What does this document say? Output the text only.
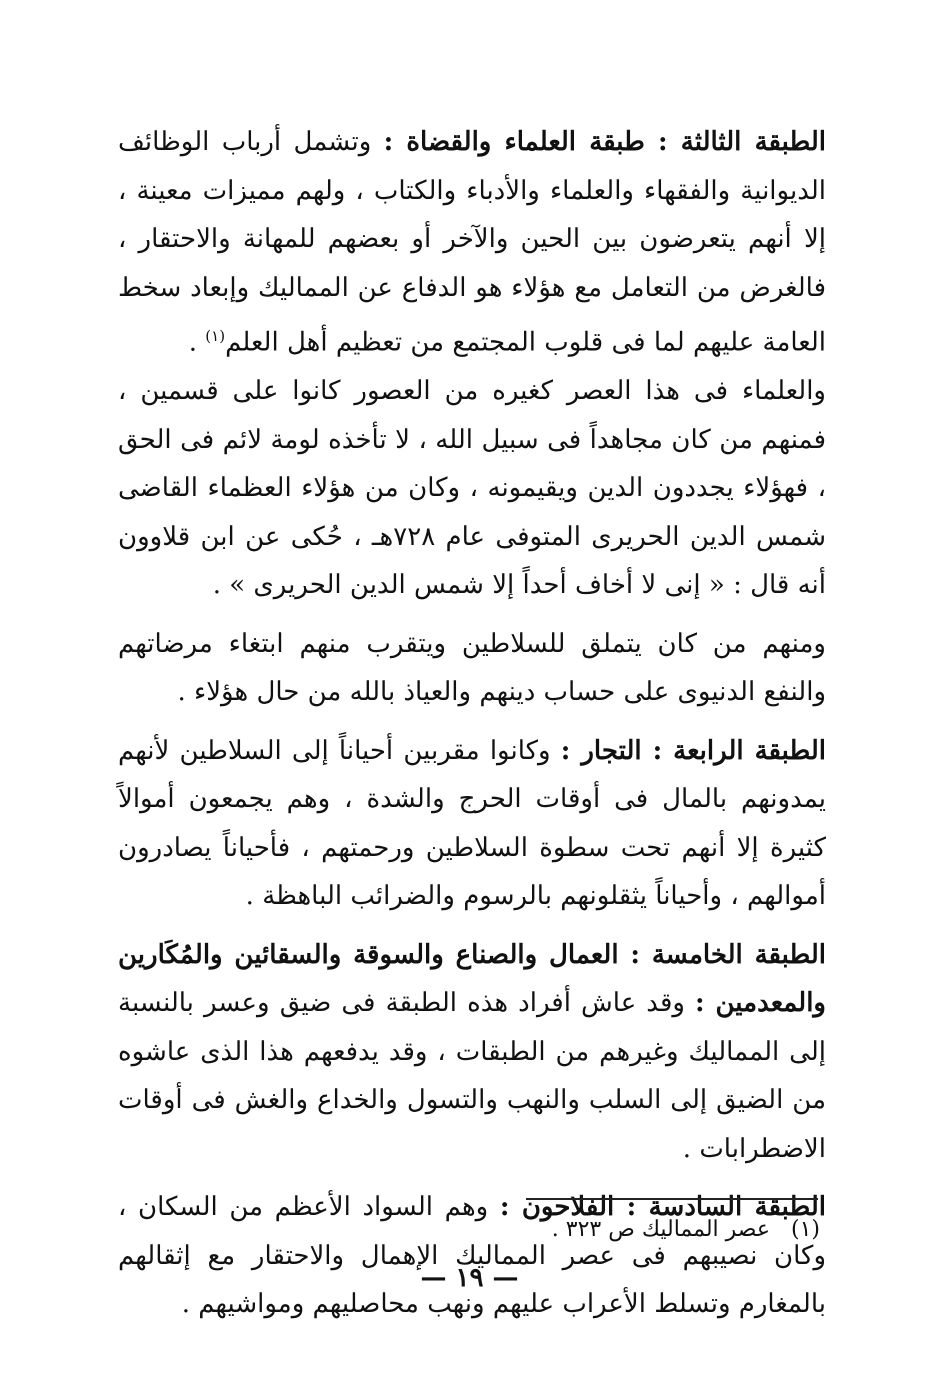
الطبقة الثالثة : طبقة العلماء والقضاة : وتشمل أرباب الوظائف الديوانية والفقهاء والعلماء والأدباء والكتاب ، ولهم مميزات معينة ، إلا أنهم يتعرضون بين الحين والآخر أو بعضهم للمهانة والاحتقار ، فالغرض من التعامل مع هؤلاء هو الدفاع عن المماليك وإبعاد سخط العامة عليهم لما فى قلوب المجتمع من تعظيم أهل العلم$^{(١)}$ .

والعلماء فى هذا العصر كغيره من العصور كانوا على قسمين ، فمنهم من كان مجاهداً فى سبيل الله ، لا تأخذه لومة لائم فى الحق ، فهؤلاء يجددون الدين ويقيمونه ، وكان من هؤلاء العظماء القاضى شمس الدين الحريرى المتوفى عام ٧٢٨هـ ، حُكى عن ابن قلاوون أنه قال : « إنى لا أخاف أحداً إلا شمس الدين الحريرى » .

ومنهم من كان يتملق للسلاطين ويتقرب منهم ابتغاء مرضاتهم والنفع الدنيوى على حساب دينهم والعياذ بالله من حال هؤلاء .

الطبقة الرابعة : التجار : وكانوا مقربين أحياناً إلى السلاطين لأنهم يمدونهم بالمال فى أوقات الحرج والشدة ، وهم يجمعون أموالاً كثيرة إلا أنهم تحت سطوة السلاطين ورحمتهم ، فأحياناً يصادرون أموالهم ، وأحياناً يثقلونهم بالرسوم والضرائب الباهظة .

الطبقة الخامسة : العمال والصناع والسوقة والسقائين والمُكَارين والمعدمين : وقد عاش أفراد هذه الطبقة فى ضيق وعسر بالنسبة إلى المماليك وغيرهم من الطبقات ، وقد يدفعهم هذا الذى عاشوه من الضيق إلى السلب والنهب والتسول والخداع والغش فى أوقات الاضطرابات .

الطبقة السادسة : الفلاحون : وهم السواد الأعظم من السكان ، وكان نصيبهم فى عصر المماليك الإهمال والاحتقار مع إثقالهم بالمغارم وتسلط الأعراب عليهم ونهب محاصليهم ومواشيهم .

(١)   عصر المماليك ص ٣٢٣ .
— ١٩ —
